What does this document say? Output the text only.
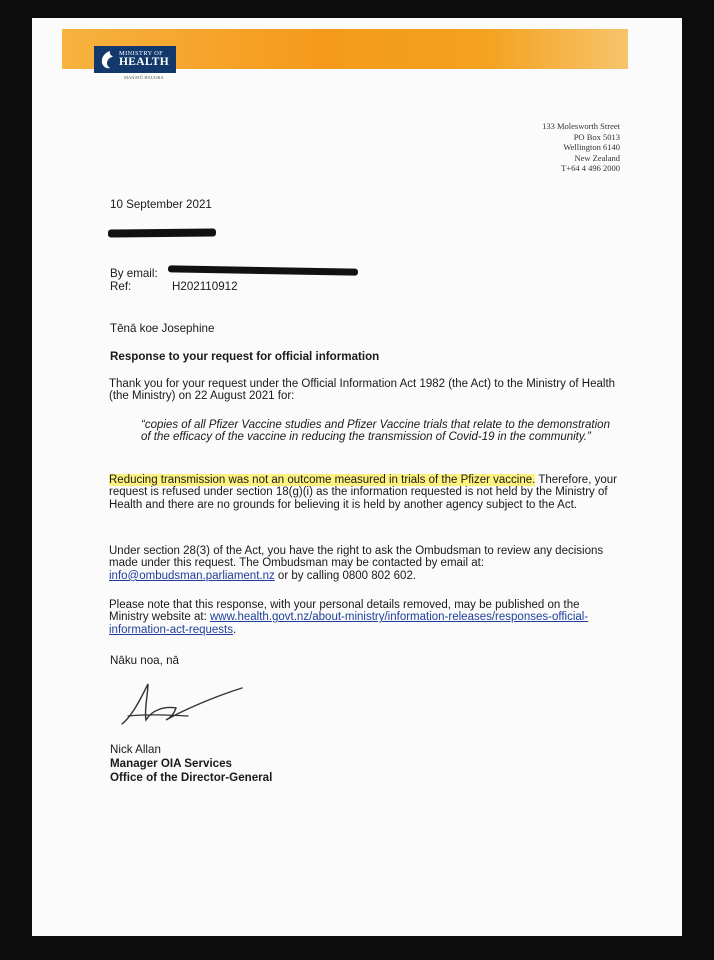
MINISTRY OF
HEALTH
MANATŪ HAUORA
133 Molesworth Street
PO Box 5013
Wellington 6140
New Zealand
T+64 4 496 2000
10 September 2021
By email:
Ref:	H202110912
Tēnā koe Josephine
Response to your request for official information
Thank you for your request under the Official Information Act 1982 (the Act) to the Ministry of Health (the Ministry) on 22 August 2021 for:
“copies of all Pfizer Vaccine studies and Pfizer Vaccine trials that relate to the demonstration of the efficacy of the vaccine in reducing the transmission of Covid-19 in the community.”
Reducing transmission was not an outcome measured in trials of the Pfizer vaccine. Therefore, your request is refused under section 18(g)(i) as the information requested is not held by the Ministry of Health and there are no grounds for believing it is held by another agency subject to the Act.
Under section 28(3) of the Act, you have the right to ask the Ombudsman to review any decisions made under this request. The Ombudsman may be contacted by email at: info@ombudsman.parliament.nz or by calling 0800 802 602.
Please note that this response, with your personal details removed, may be published on the Ministry website at: www.health.govt.nz/about-ministry/information-releases/responses-official-information-act-requests.
Nāku noa, nā
Nick Allan
Manager OIA Services
Office of the Director-General
